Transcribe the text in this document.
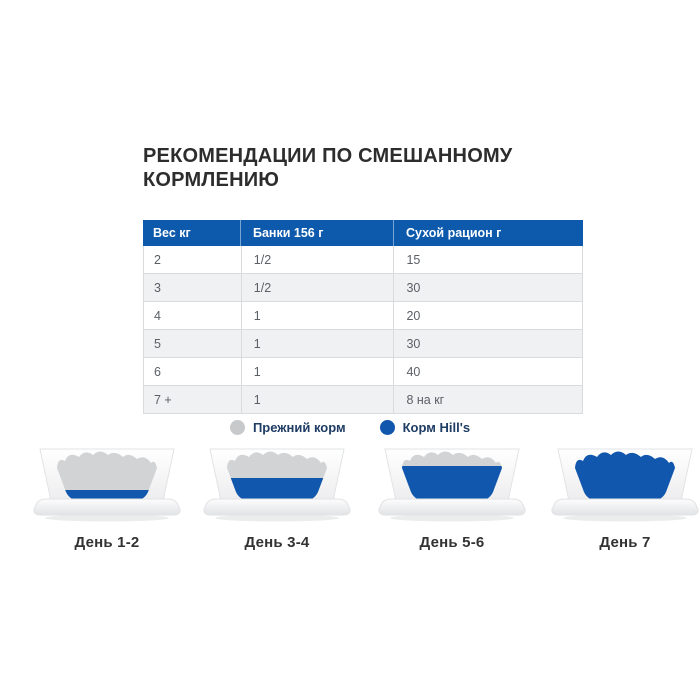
РЕКОМЕНДАЦИИ ПО СМЕШАННОМУ КОРМЛЕНИЮ
Вес кг	Банки 156 г	Сухой рацион г
2	1/2	15
3	1/2	30
4	1	20
5	1	30
6	1	40
7 +	1	8 на кг
Прежний корм	Корм Hill's
День 1-2	День 3-4	День 5-6	День 7
